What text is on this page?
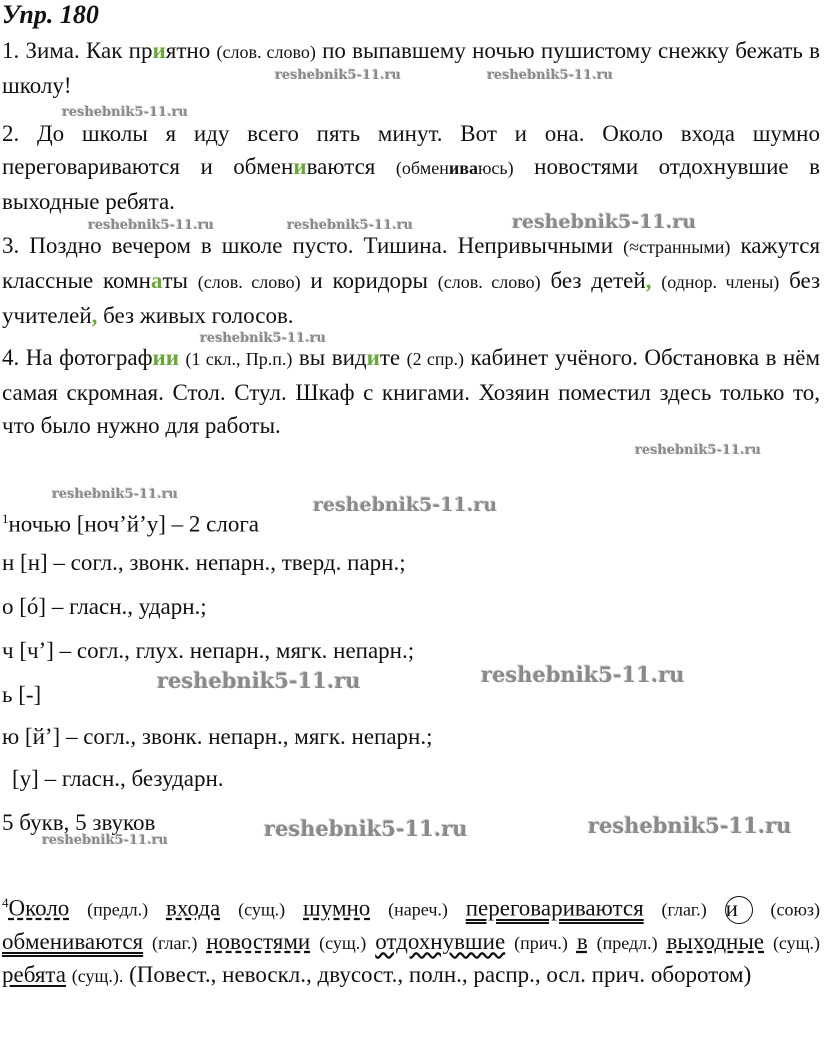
Упр. 180
1. Зима. Как приятно (слов. слово) по выпавшему ночью пушистому снежку бежать в школу!
2. До школы я иду всего пять минут. Вот и она. Около входа шумно переговариваются и обмениваются (обмениваюсь) новостями отдохнувшие в выходные ребята.
3. Поздно вечером в школе пусто. Тишина. Непривычными (≈странными) кажутся классные комнаты (слов. слово) и коридоры (слов. слово) без детей, (однор. члены) без учителей, без живых голосов.
4. На фотографии (1 скл., Пр.п.) вы видите (2 спр.) кабинет учёного. Обстановка в нём самая скромная. Стол. Стул. Шкаф с книгами. Хозяин поместил здесь только то, что было нужно для работы.
$^1$ночью [ноч’й’у] – 2 слога
н [н] – согл., звонк. непарн., тверд. парн.;
о [ó] – гласн., ударн.;
ч [ч’] – согл., глух. непарн., мягк. непарн.;
ь [-]
ю [й’] – согл., звонк. непарн., мягк. непарн.;
[у] – гласн., безударн.
5 букв, 5 звуков
$^4$Около (предл.) входа (сущ.) шумно (нареч.) переговариваются (глаг.) и (союз) обмениваются (глаг.) новостями (сущ.) отдохнувшие (прич.) в (предл.) выходные (сущ.) ребята (сущ.). (Повест., невоскл., двусост., полн., распр., осл. прич. оборотом)
reshebnik5-11.ru	reshebnik5-11.ru
reshebnik5-11.ru
reshebnik5-11.ru	reshebnik5-11.ru	reshebnik5-11.ru
reshebnik5-11.ru
reshebnik5-11.ru
reshebnik5-11.ru	reshebnik5-11.ru
reshebnik5-11.ru	reshebnik5-11.ru
reshebnik5-11.ru	reshebnik5-11.ru
reshebnik5-11.ru
